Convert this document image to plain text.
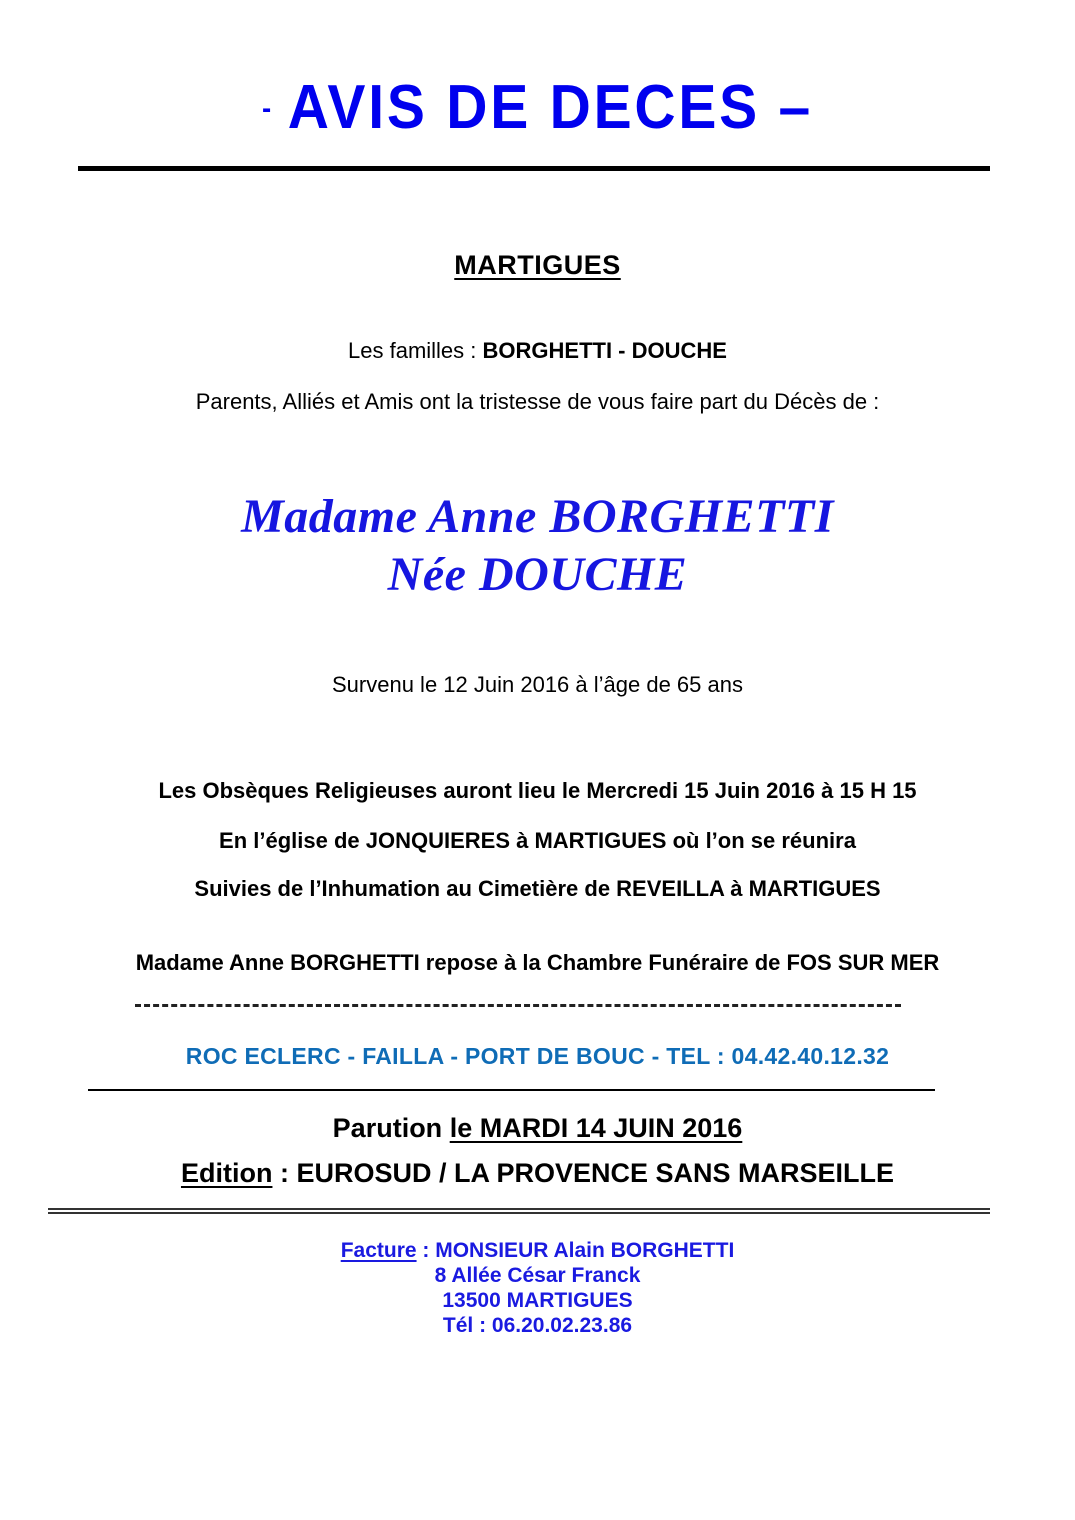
- AVIS DE DECES –
MARTIGUES
Les familles : BORGHETTI - DOUCHE
Parents, Alliés et Amis ont la tristesse de vous faire part du Décès de :
Madame Anne BORGHETTI
Née DOUCHE
Survenu le 12 Juin 2016 à l’âge de 65 ans
Les Obsèques Religieuses auront lieu le Mercredi 15 Juin 2016 à 15 H 15
En l’église de JONQUIERES à MARTIGUES où l’on se réunira
Suivies de l’Inhumation au Cimetière de REVEILLA à MARTIGUES
Madame Anne BORGHETTI repose à la Chambre Funéraire de FOS SUR MER
ROC ECLERC - FAILLA - PORT DE BOUC - TEL : 04.42.40.12.32
Parution le MARDI 14 JUIN 2016
Edition : EUROSUD / LA PROVENCE SANS MARSEILLE
Facture : MONSIEUR Alain BORGHETTI
8 Allée César Franck
13500 MARTIGUES
Tél : 06.20.02.23.86
